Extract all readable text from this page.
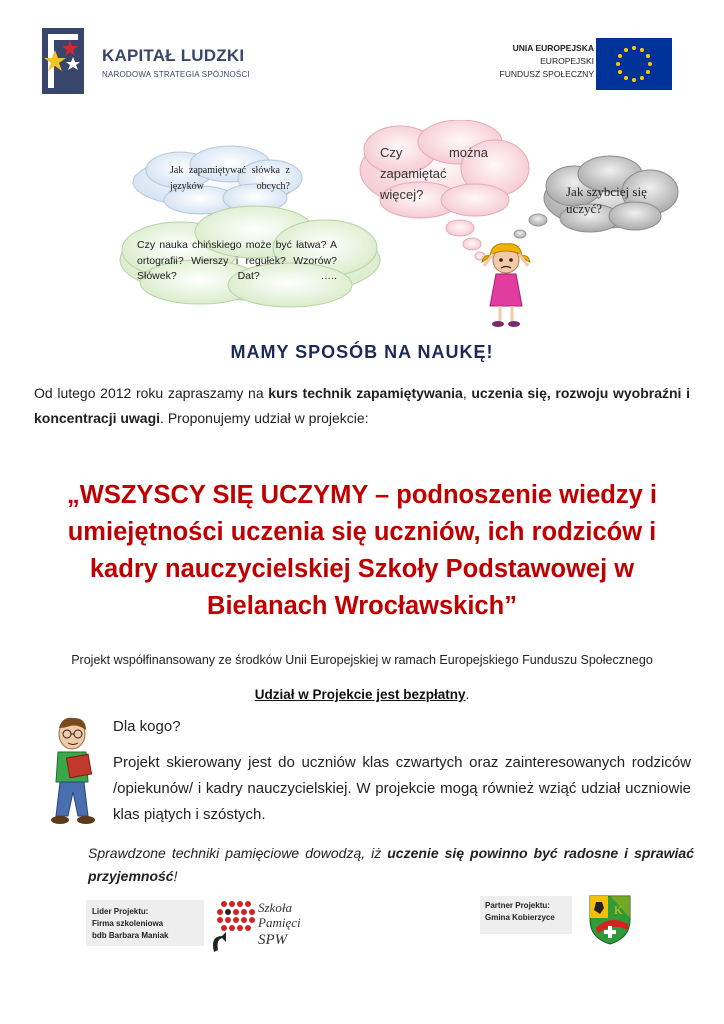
KAPITAŁ LUDZKI
NARODOWA STRATEGIA SPÓJNOŚCI
UNIA EUROPEJSKA
EUROPEJSKI
FUNDUSZ SPOŁECZNY
Jak zapamiętywać słówka z języków obcych?
Czy nauka chińskiego może być łatwa? A ortografii? Wierszy i regułek? Wzorów? Słówek? Dat? …..
Czy można zapamiętać więcej?	Jak szybciej się uczyć?
MAMY SPOSÓB NA NAUKĘ!
Od lutego 2012 roku zapraszamy na kurs technik zapamiętywania, uczenia się, rozwoju wyobraźni i koncentracji uwagi. Proponujemy udział w projekcie:
„WSZYSCY SIĘ UCZYMY – podnoszenie wiedzy i umiejętności uczenia się uczniów, ich rodziców i kadry nauczycielskiej Szkoły Podstawowej w Bielanach Wrocławskich”
Projekt współfinansowany ze środków Unii Europejskiej w ramach Europejskiego Funduszu Społecznego
Udział w Projekcie jest bezpłatny.
Dla kogo?
Projekt skierowany jest do uczniów klas czwartych oraz zainteresowanych rodziców /opiekunów/ i kadry nauczycielskiej. W projekcie mogą również wziąć udział uczniowie klas piątych i szóstych.
Sprawdzone techniki pamięciowe dowodzą, iż uczenie się powinno być radosne i sprawiać przyjemność!
Lider Projektu:
Firma szkoleniowa
bdb Barbara Maniak
Szkoła
Pamięci
SPW
Partner Projektu:
Gmina Kobierzyce
K
